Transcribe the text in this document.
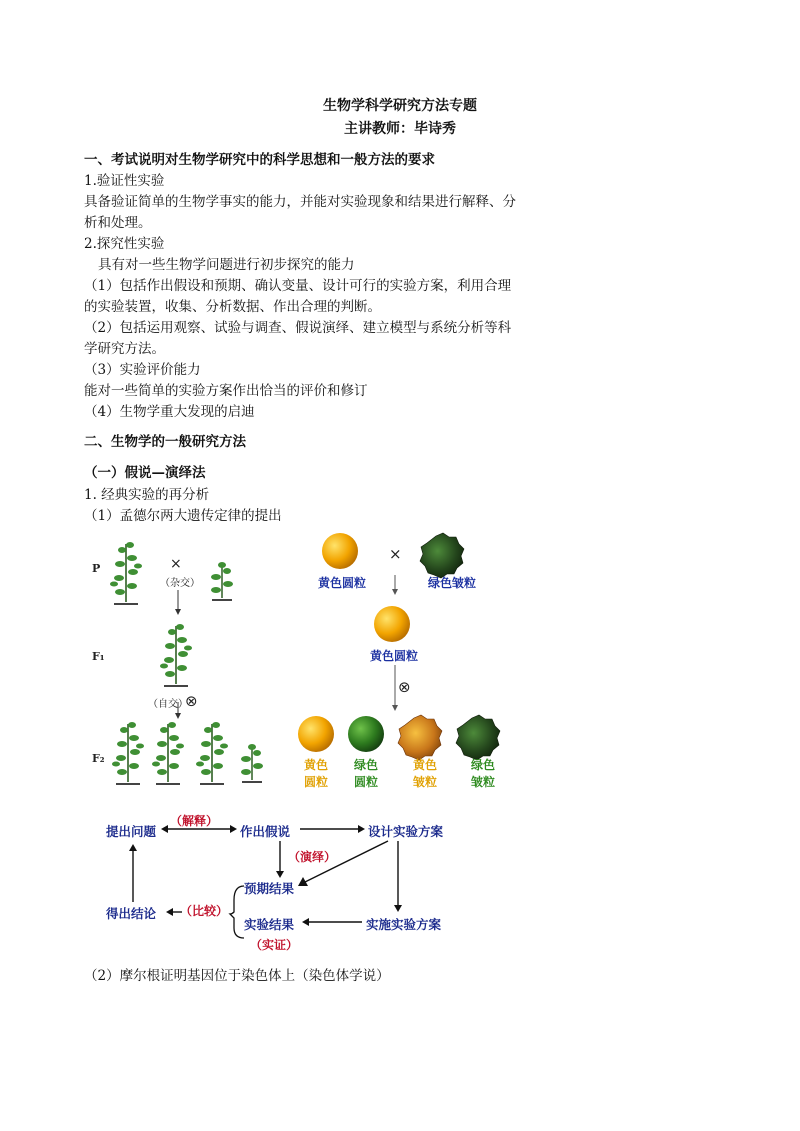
生物学科学研究方法专题
主讲教师：毕诗秀
一、考试说明对生物学研究中的科学思想和一般方法的要求
1.验证性实验
具备验证简单的生物学事实的能力，并能对实验现象和结果进行解释、分
析和处理。
2.探究性实验
具有对一些生物学问题进行初步探究的能力
（1）包括作出假设和预期、确认变量、设计可行的实验方案，利用合理
的实验装置，收集、分析数据、作出合理的判断。
（2）包括运用观察、试验与调查、假说演绎、建立模型与系统分析等科
学研究方法。
（3）实验评价能力
能对一些简单的实验方案作出恰当的评价和修订
（4）生物学重大发现的启迪
二、生物学的一般研究方法
（一）假说—演绎法
1. 经典实验的再分析
（1）孟德尔两大遗传定律的提出
P
F₁
F₂
×
（杂交）
（自交）
⊗
×
⊗
黄色圆粒	绿色皱粒
黄色圆粒
黄色
圆粒
绿色
圆粒
黄色
皱粒
绿色
皱粒
提出问题
（解释）
作出假说	设计实验方案
（演绎）
预期结果
得出结论 （比较）
实验结果	实施实验方案
（实证）
（2）摩尔根证明基因位于染色体上（染色体学说）
